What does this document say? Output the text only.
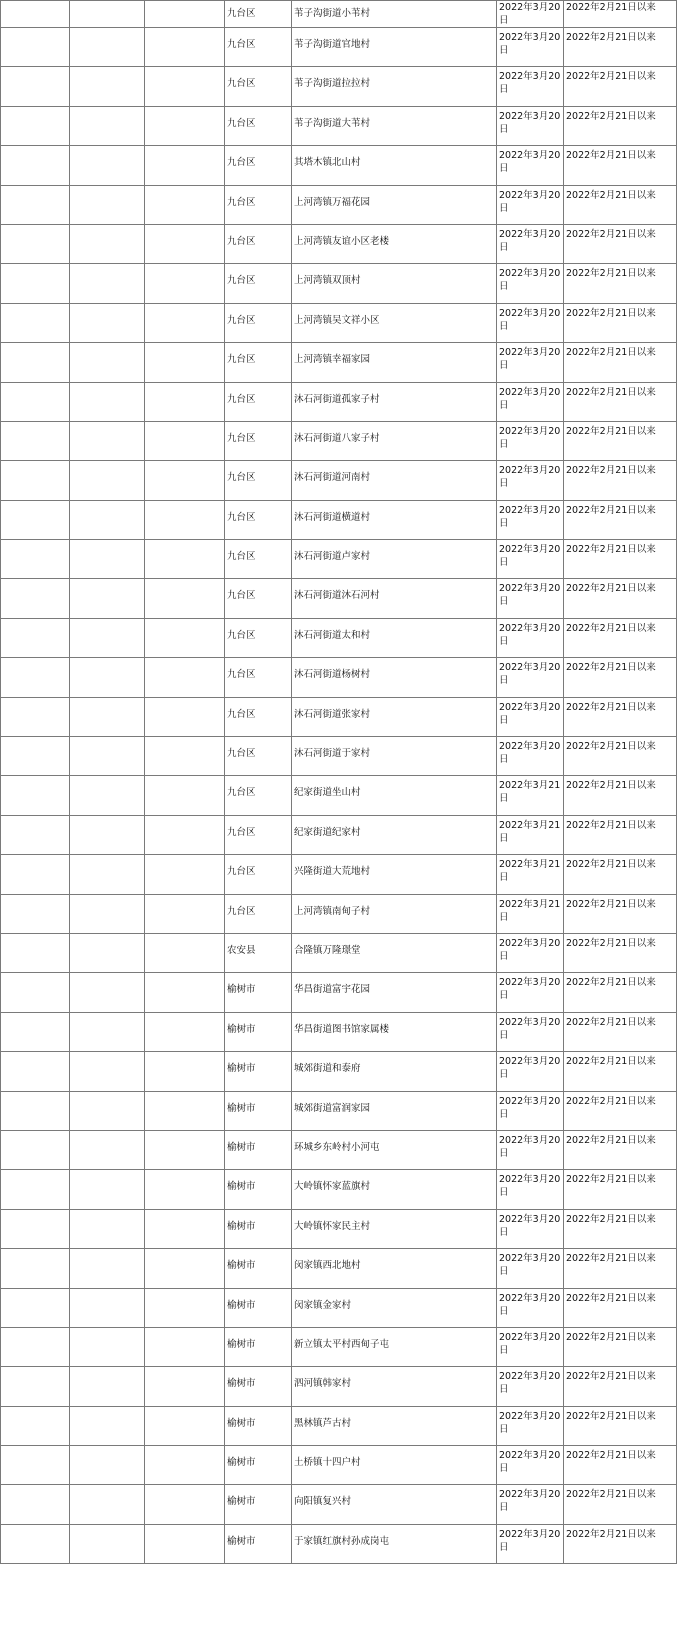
			九台区	苇子沟街道小苇村	2022年3月20日	2022年2月21日以来
			九台区	苇子沟街道官地村	2022年3月20日	2022年2月21日以来
			九台区	苇子沟街道拉拉村	2022年3月20日	2022年2月21日以来
			九台区	苇子沟街道大苇村	2022年3月20日	2022年2月21日以来
			九台区	其塔木镇北山村	2022年3月20日	2022年2月21日以来
			九台区	上河湾镇万福花园	2022年3月20日	2022年2月21日以来
			九台区	上河湾镇友谊小区老楼	2022年3月20日	2022年2月21日以来
			九台区	上河湾镇双顶村	2022年3月20日	2022年2月21日以来
			九台区	上河湾镇吴文祥小区	2022年3月20日	2022年2月21日以来
			九台区	上河湾镇幸福家园	2022年3月20日	2022年2月21日以来
			九台区	沐石河街道孤家子村	2022年3月20日	2022年2月21日以来
			九台区	沐石河街道八家子村	2022年3月20日	2022年2月21日以来
			九台区	沐石河街道河南村	2022年3月20日	2022年2月21日以来
			九台区	沐石河街道横道村	2022年3月20日	2022年2月21日以来
			九台区	沐石河街道卢家村	2022年3月20日	2022年2月21日以来
			九台区	沐石河街道沐石河村	2022年3月20日	2022年2月21日以来
			九台区	沐石河街道太和村	2022年3月20日	2022年2月21日以来
			九台区	沐石河街道杨树村	2022年3月20日	2022年2月21日以来
			九台区	沐石河街道张家村	2022年3月20日	2022年2月21日以来
			九台区	沐石河街道于家村	2022年3月20日	2022年2月21日以来
			九台区	纪家街道坐山村	2022年3月21日	2022年2月21日以来
			九台区	纪家街道纪家村	2022年3月21日	2022年2月21日以来
			九台区	兴隆街道大荒地村	2022年3月21日	2022年2月21日以来
			九台区	上河湾镇南甸子村	2022年3月21日	2022年2月21日以来
			农安县	合隆镇万隆璟堂	2022年3月20日	2022年2月21日以来
			榆树市	华昌街道富宇花园	2022年3月20日	2022年2月21日以来
			榆树市	华昌街道图书馆家属楼	2022年3月20日	2022年2月21日以来
			榆树市	城郊街道和泰府	2022年3月20日	2022年2月21日以来
			榆树市	城郊街道富润家园	2022年3月20日	2022年2月21日以来
			榆树市	环城乡东岭村小河屯	2022年3月20日	2022年2月21日以来
			榆树市	大岭镇怀家蓝旗村	2022年3月20日	2022年2月21日以来
			榆树市	大岭镇怀家民主村	2022年3月20日	2022年2月21日以来
			榆树市	闵家镇西北地村	2022年3月20日	2022年2月21日以来
			榆树市	闵家镇金家村	2022年3月20日	2022年2月21日以来
			榆树市	新立镇太平村西甸子屯	2022年3月20日	2022年2月21日以来
			榆树市	泗河镇韩家村	2022年3月20日	2022年2月21日以来
			榆树市	黑林镇芦古村	2022年3月20日	2022年2月21日以来
			榆树市	土桥镇十四户村	2022年3月20日	2022年2月21日以来
			榆树市	向阳镇复兴村	2022年3月20日	2022年2月21日以来
			榆树市	于家镇红旗村孙成岗屯	2022年3月20日	2022年2月21日以来
